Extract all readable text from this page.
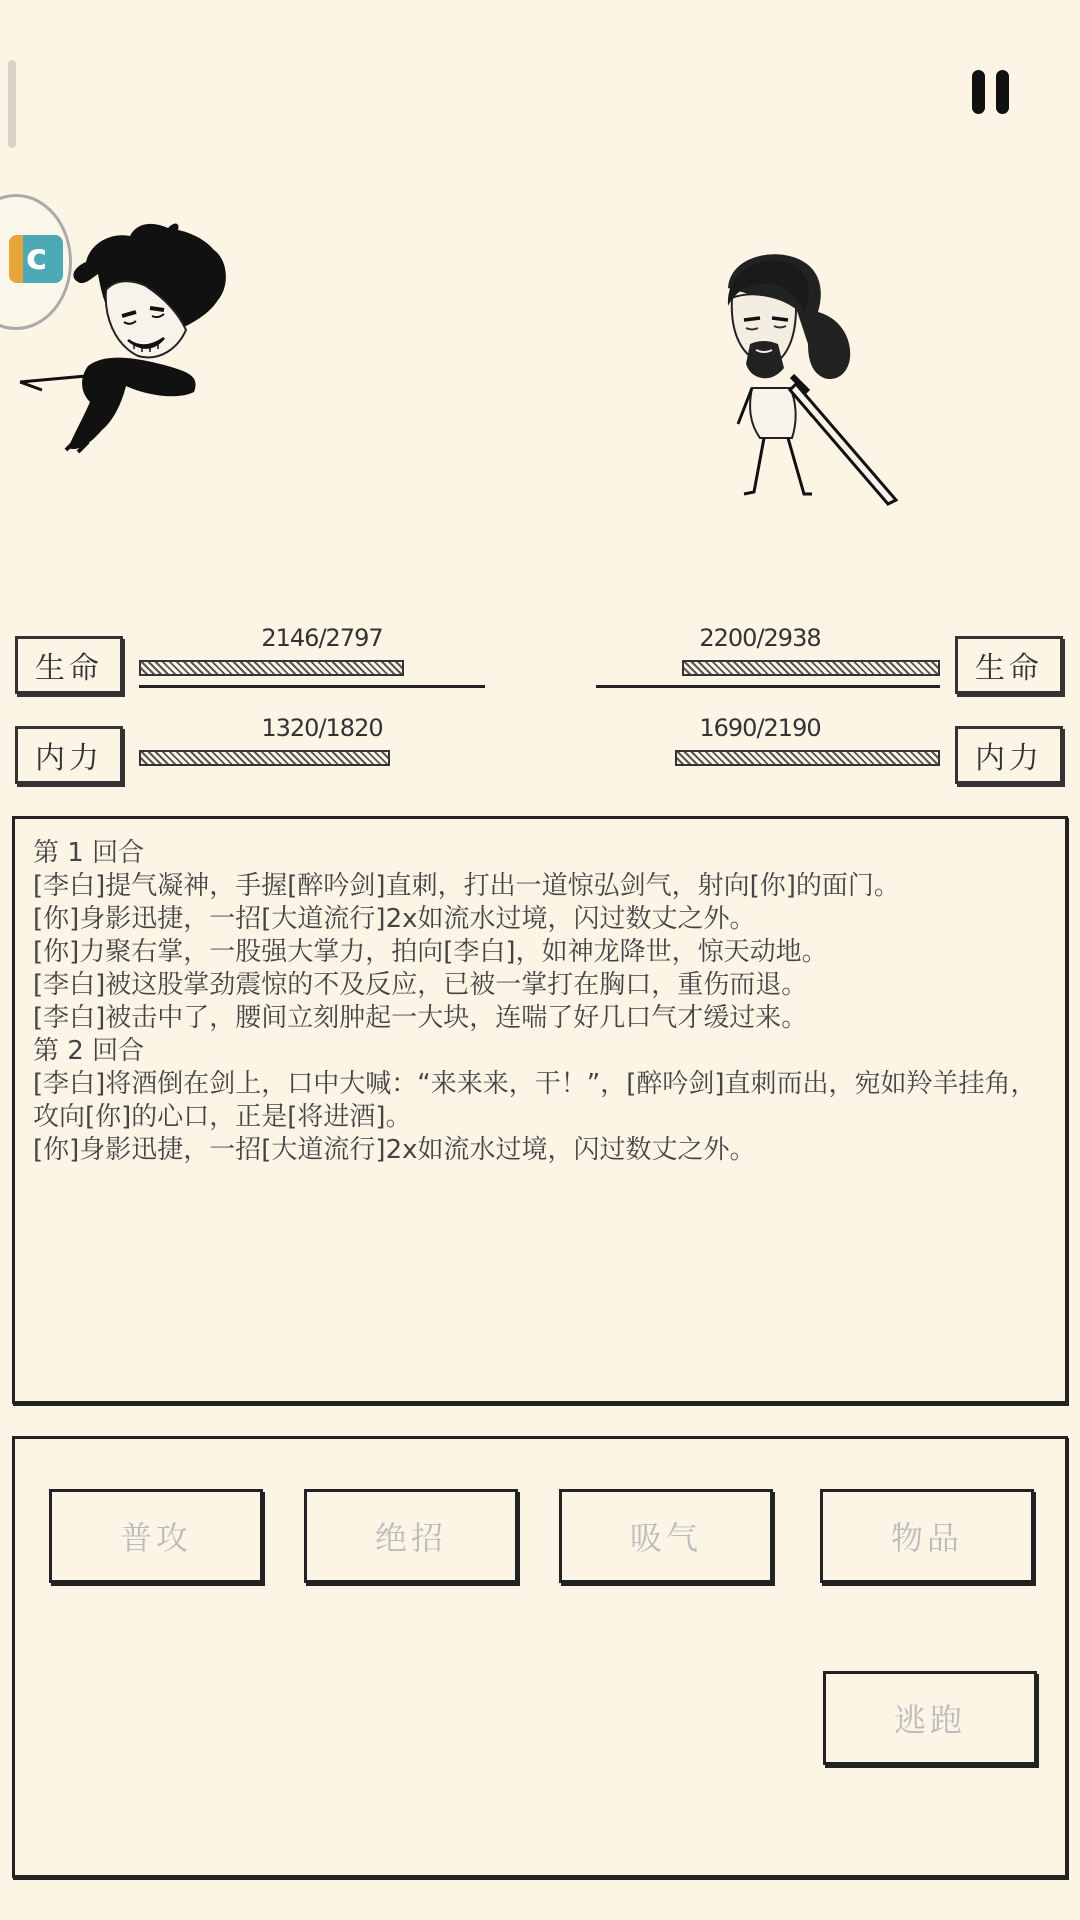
c
生命
2146/2797
内力
1320/1820
生命
2200/2938
内力
1690/2190
第 1 回合
[李白]提气凝神，手握[醉吟剑]直刺，打出一道惊弘剑气，射向[你]的面门。
[你]身影迅捷，一招[大道流行]2x如流水过境，闪过数丈之外。
[你]力聚右掌，一股强大掌力，拍向[李白]，如神龙降世，惊天动地。
[李白]被这股掌劲震惊的不及反应，已被一掌打在胸口，重伤而退。
[李白]被击中了，腰间立刻肿起一大块，连喘了好几口气才缓过来。
第 2 回合
[李白]将酒倒在剑上，口中大喊：“来来来，干！”，[醉吟剑]直刺而出，宛如羚羊挂角，攻向[你]的心口，正是[将进酒]。
[你]身影迅捷，一招[大道流行]2x如流水过境，闪过数丈之外。
普攻	绝招	吸气	物品
逃跑
